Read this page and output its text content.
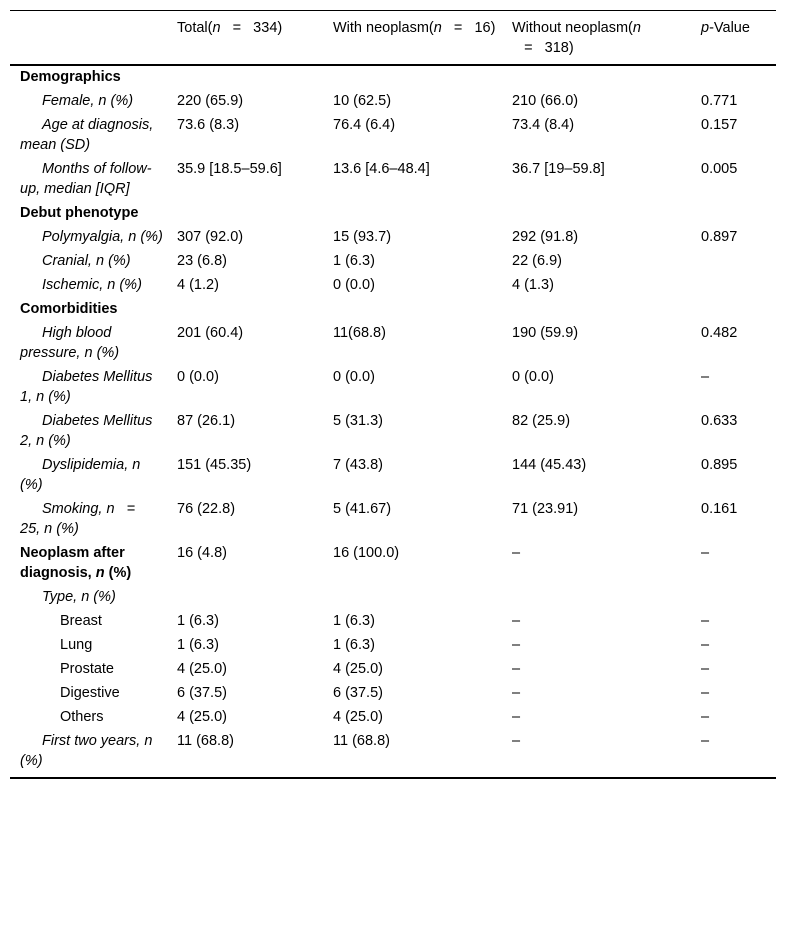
	Total(n   =   334)	With neoplasm(n   =   16)	Without neoplasm(n   =   318)	p-Value
Demographics				
Female, n (%)	220 (65.9)	10 (62.5)	210 (66.0)	0.771
Age at diagnosis, mean (SD)	73.6 (8.3)	76.4 (6.4)	73.4 (8.4)	0.157
Months of follow-up, median [IQR]	35.9 [18.5–59.6]	13.6 [4.6–48.4]	36.7 [19–59.8]	0.005
Debut phenotype				
Polymyalgia, n (%)	307 (92.0)	15 (93.7)	292 (91.8)	0.897
Cranial, n (%)	23 (6.8)	1 (6.3)	22 (6.9)	
Ischemic, n (%)	4 (1.2)	0 (0.0)	4 (1.3)	
Comorbidities				
High blood pressure, n (%)	201 (60.4)	11(68.8)	190 (59.9)	0.482
Diabetes Mellitus 1, n (%)	0 (0.0)	0 (0.0)	0 (0.0)	–
Diabetes Mellitus 2, n (%)	87 (26.1)	5 (31.3)	82 (25.9)	0.633
Dyslipidemia, n (%)	151 (45.35)	7 (43.8)	144 (45.43)	0.895
Smoking, n   =   25, n (%)	76 (22.8)	5 (41.67)	71 (23.91)	0.161
Neoplasm after diagnosis, n (%)	16 (4.8)	16 (100.0)	–	–
Type, n (%)				
Breast	1 (6.3)	1 (6.3)	–	–
Lung	1 (6.3)	1 (6.3)	–	–
Prostate	4 (25.0)	4 (25.0)	–	–
Digestive	6 (37.5)	6 (37.5)	–	–
Others	4 (25.0)	4 (25.0)	–	–
First two years, n (%)	11 (68.8)	11 (68.8)	–	–
